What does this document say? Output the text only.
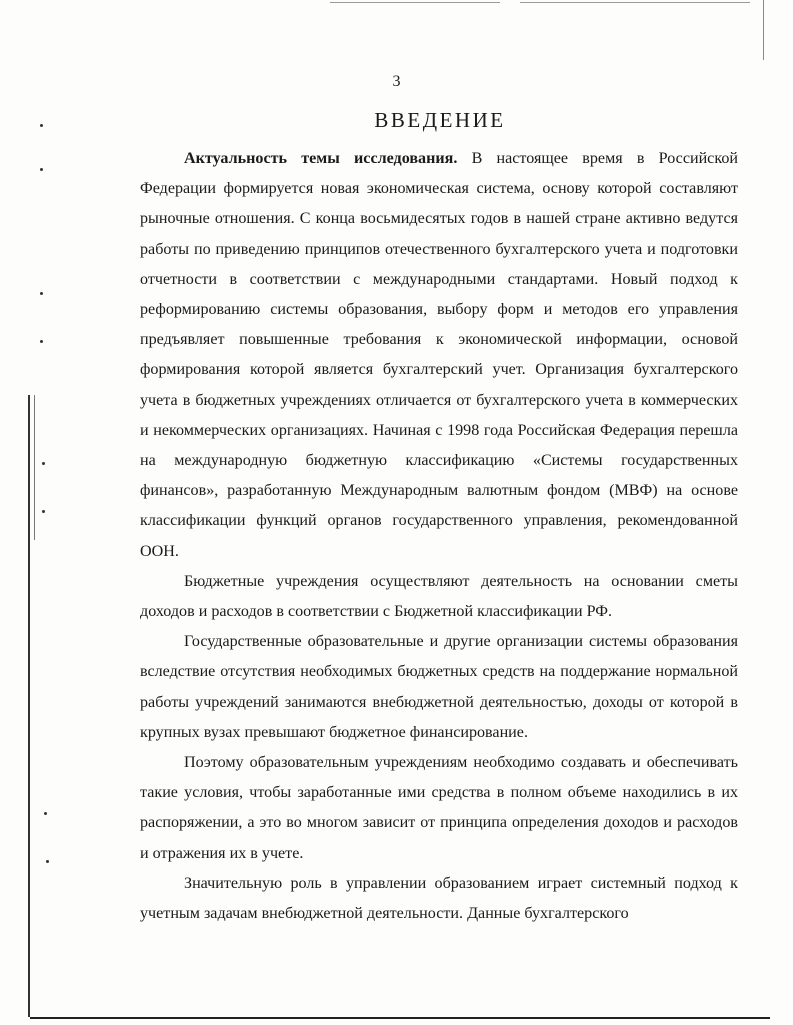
3
ВВЕДЕНИЕ

Актуальность темы исследования. В настоящее время в Российской Федерации формируется новая экономическая система, основу которой составляют рыночные отношения. С конца восьмидесятых годов в нашей стране активно ведутся работы по приведению принципов отечественного бухгалтерского учета и подготовки отчетности в соответствии с международными стандартами. Новый подход к реформированию системы образования, выбору форм и методов его управления предъявляет повышенные требования к экономической информации, основой формирования которой является бухгалтерский учет. Организация бухгалтерского учета в бюджетных учреждениях отличается от бухгалтерского учета в коммерческих и некоммерческих организациях. Начиная с 1998 года Российская Федерация перешла на международную бюджетную классификацию «Системы государственных финансов», разработанную Международным валютным фондом (МВФ) на основе классификации функций органов государственного управления, рекомендованной ООН.

Бюджетные учреждения осуществляют деятельность на основании сметы доходов и расходов в соответствии с Бюджетной классификации РФ.

Государственные образовательные и другие организации системы образования вследствие отсутствия необходимых бюджетных средств на поддержание нормальной работы учреждений занимаются внебюджетной деятельностью, доходы от которой в крупных вузах превышают бюджетное финансирование.

Поэтому образовательным учреждениям необходимо создавать и обеспечивать такие условия, чтобы заработанные ими средства в полном объеме находились в их распоряжении, а это во многом зависит от принципа определения доходов и расходов и отражения их в учете.

Значительную роль в управлении образованием играет системный подход к учетным задачам внебюджетной деятельности. Данные бухгалтерского
